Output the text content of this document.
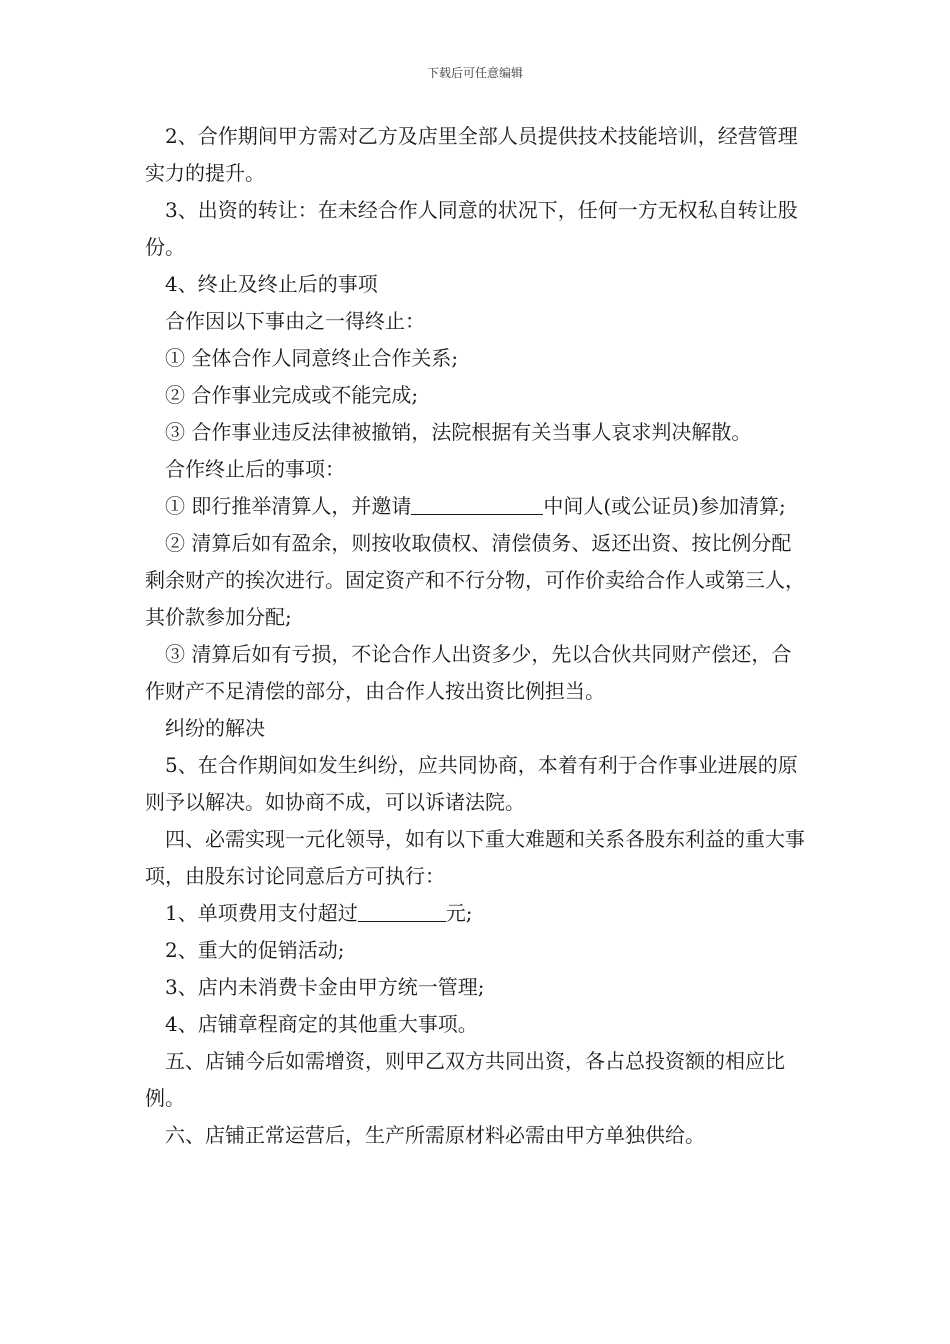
下载后可任意编辑

2、合作期间甲方需对乙方及店里全部人员提供技术技能培训，经营管理实力的提升。

3、出资的转让：在未经合作人同意的状况下，任何一方无权私自转让股份。

4、终止及终止后的事项

合作因以下事由之一得终止：

① 全体合作人同意终止合作关系;

② 合作事业完成或不能完成;

③ 合作事业违反法律被撤销，法院根据有关当事人哀求判决解散。

合作终止后的事项：

① 即行推举清算人，并邀请	中间人(或公证员)参加清算;

② 清算后如有盈余，则按收取债权、清偿债务、返还出资、按比例分配剩余财产的挨次进行。固定资产和不行分物，可作价卖给合作人或第三人，其价款参加分配;

③ 清算后如有亏损，不论合作人出资多少，先以合伙共同财产偿还，合作财产不足清偿的部分，由合作人按出资比例担当。

纠纷的解决

5、在合作期间如发生纠纷，应共同协商，本着有利于合作事业进展的原则予以解决。如协商不成，可以诉诸法院。

四、必需实现一元化领导，如有以下重大难题和关系各股东利益的重大事项，由股东讨论同意后方可执行：

1、单项费用支付超过	元;

2、重大的促销活动;

3、店内未消费卡金由甲方统一管理;

4、店铺章程商定的其他重大事项。

五、店铺今后如需增资，则甲乙双方共同出资，各占总投资额的相应比例。

六、店铺正常运营后，生产所需原材料必需由甲方单独供给。
